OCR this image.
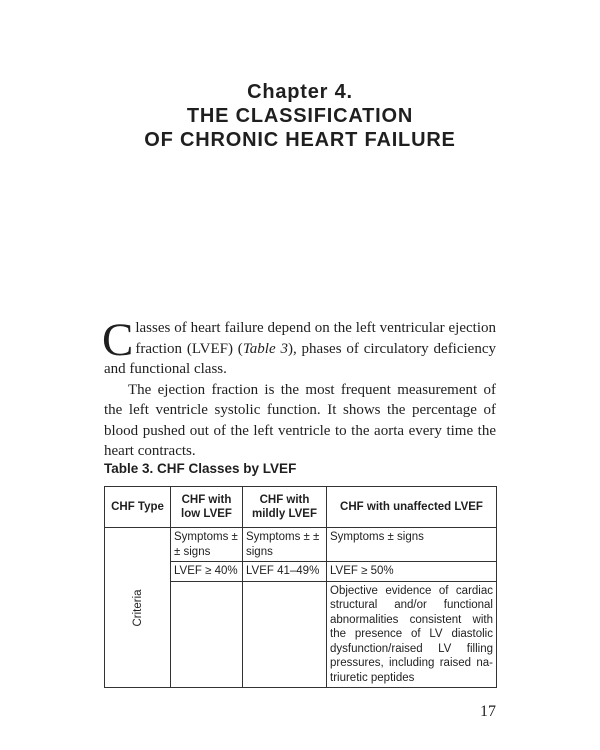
Chapter 4.
THE CLASSIFICATION
OF CHRONIC HEART FAILURE

Classes of heart failure depend on the left ventricular ejection fraction (LVEF) (Table 3), phases of circulatory deficiency and functional class.

The ejection fraction is the most frequent measurement of the left ventricle systolic function. It shows the percentage of blood pushed out of the left ventricle to the aorta every time the heart contracts.

Table 3. CHF Classes by LVEF
CHF Type	CHF with low LVEF	CHF with mildly LVEF	CHF with unaffected LVEF

Criteria	Symptoms ± ± signs	Symptoms ± ± signs	Symptoms ± signs
	LVEF ≥ 40%	LVEF 41–49%	LVEF ≥ 50%
			Objective evidence of cardiac structural and/or functional abnormalities consistent with the presence of LV diastolic dysfunction/raised LV filling pressures, including raised natriuretic peptides
17
